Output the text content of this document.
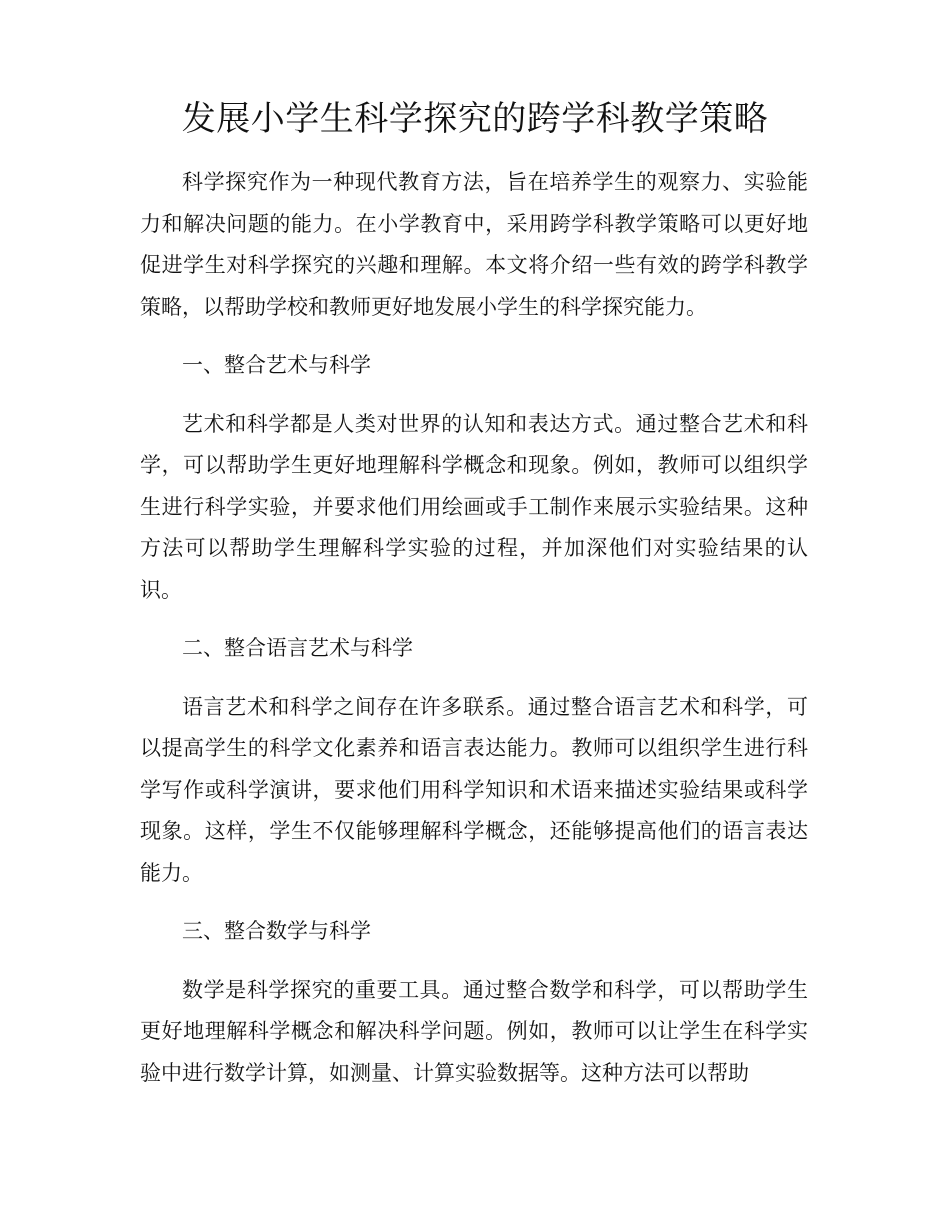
发展小学生科学探究的跨学科教学策略

科学探究作为一种现代教育方法，旨在培养学生的观察力、实验能力和解决问题的能力。在小学教育中，采用跨学科教学策略可以更好地促进学生对科学探究的兴趣和理解。本文将介绍一些有效的跨学科教学策略，以帮助学校和教师更好地发展小学生的科学探究能力。

一、整合艺术与科学

艺术和科学都是人类对世界的认知和表达方式。通过整合艺术和科学，可以帮助学生更好地理解科学概念和现象。例如，教师可以组织学生进行科学实验，并要求他们用绘画或手工制作来展示实验结果。这种方法可以帮助学生理解科学实验的过程，并加深他们对实验结果的认识。

二、整合语言艺术与科学

语言艺术和科学之间存在许多联系。通过整合语言艺术和科学，可以提高学生的科学文化素养和语言表达能力。教师可以组织学生进行科学写作或科学演讲，要求他们用科学知识和术语来描述实验结果或科学现象。这样，学生不仅能够理解科学概念，还能够提高他们的语言表达能力。

三、整合数学与科学

数学是科学探究的重要工具。通过整合数学和科学，可以帮助学生更好地理解科学概念和解决科学问题。例如，教师可以让学生在科学实验中进行数学计算，如测量、计算实验数据等。这种方法可以帮助
